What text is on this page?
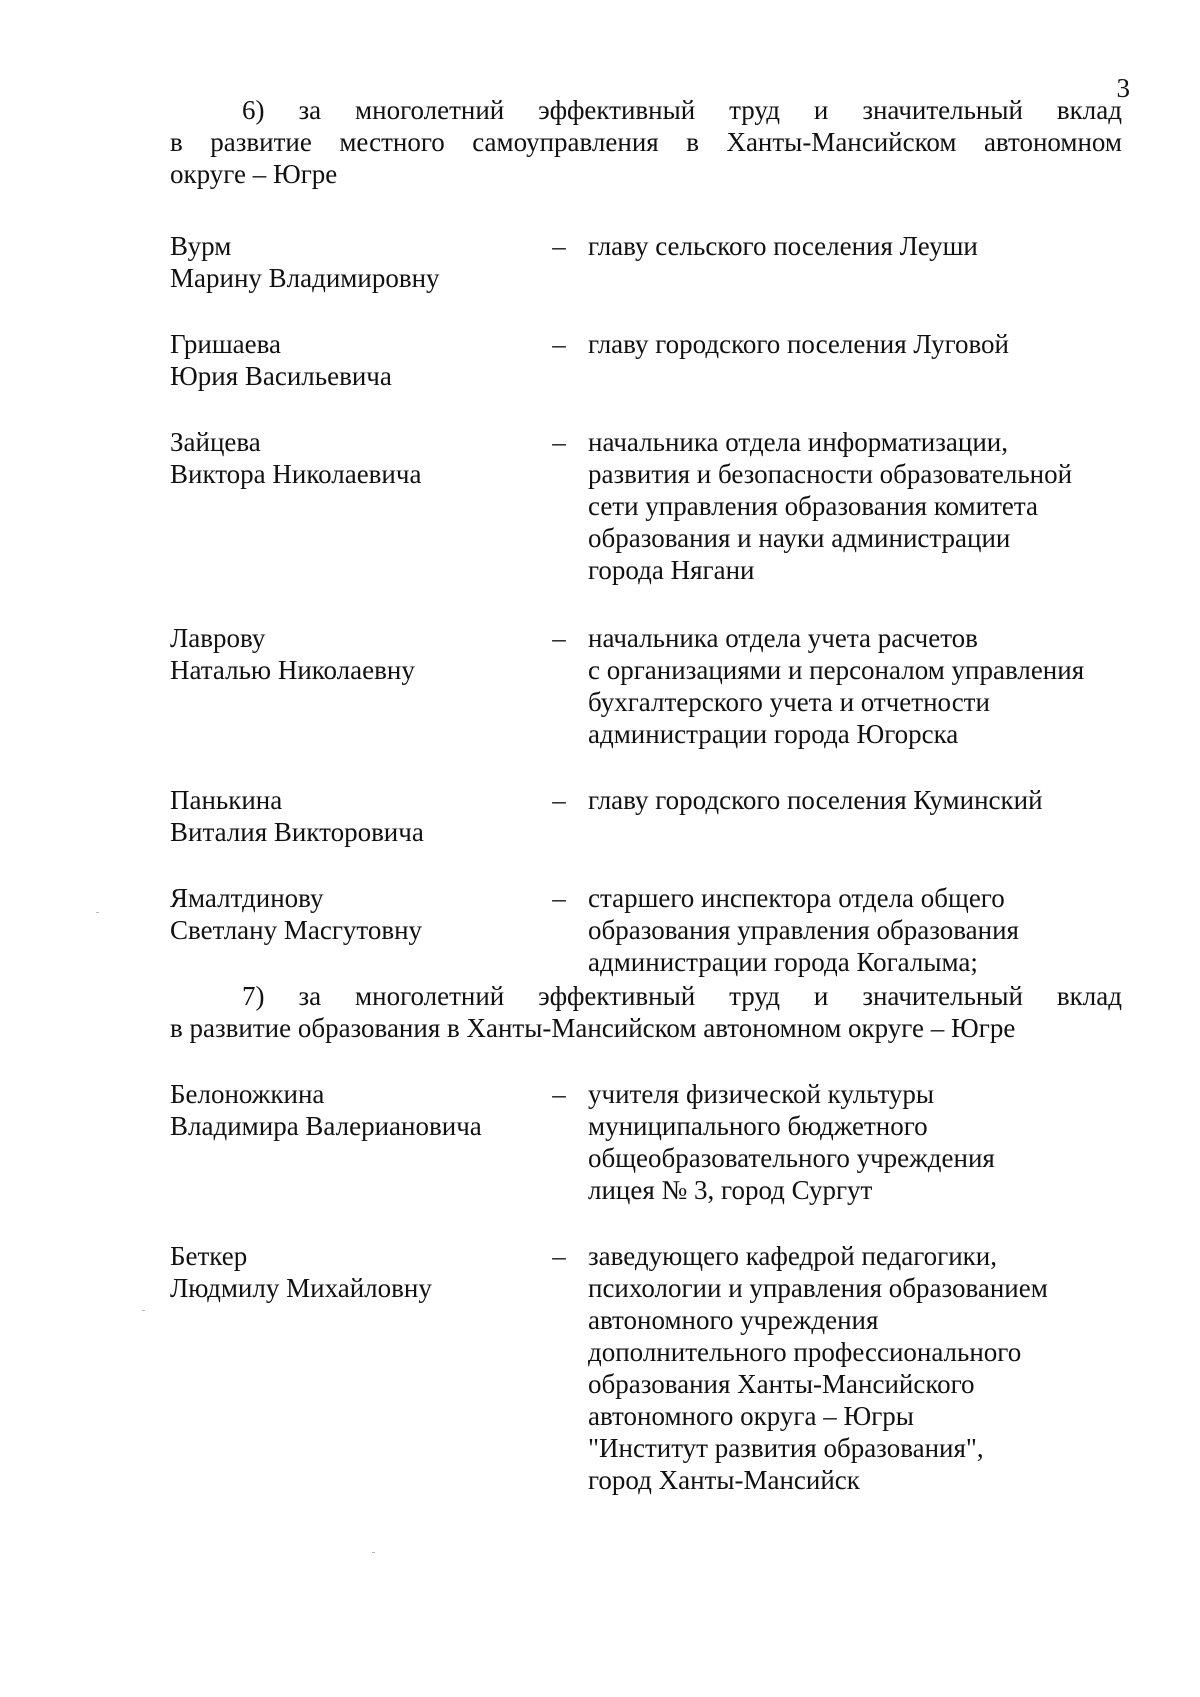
3
6) за многолетний эффективный труд и значительный вклад
в развитие местного самоуправления в Ханты-Мансийском автономном
округе – Югре
Вурм
Марину Владимировну
– главу сельского поселения Леуши
Гришаева
Юрия Васильевича
– главу городского поселения Луговой
Зайцева
Виктора Николаевича
– начальника отдела информатизации,
развития и безопасности образовательной
сети управления образования комитета
образования и науки администрации
города Нягани
Лаврову
Наталью Николаевну
– начальника отдела учета расчетов
с организациями и персоналом управления
бухгалтерского учета и отчетности
администрации города Югорска
Панькина
Виталия Викторовича
– главу городского поселения Куминский
Ямалтдинову
Светлану Масгутовну
– старшего инспектора отдела общего
образования управления образования
администрации города Когалыма;
7) за многолетний эффективный труд и значительный вклад
в развитие образования в Ханты-Мансийском автономном округе – Югре
Белоножкина
Владимира Валериановича
– учителя физической культуры
муниципального бюджетного
общеобразовательного учреждения
лицея № 3, город Сургут
Беткер
Людмилу Михайловну
– заведующего кафедрой педагогики,
психологии и управления образованием
автономного учреждения
дополнительного профессионального
образования Ханты-Мансийского
автономного округа – Югры
"Институт развития образования",
город Ханты-Мансийск
